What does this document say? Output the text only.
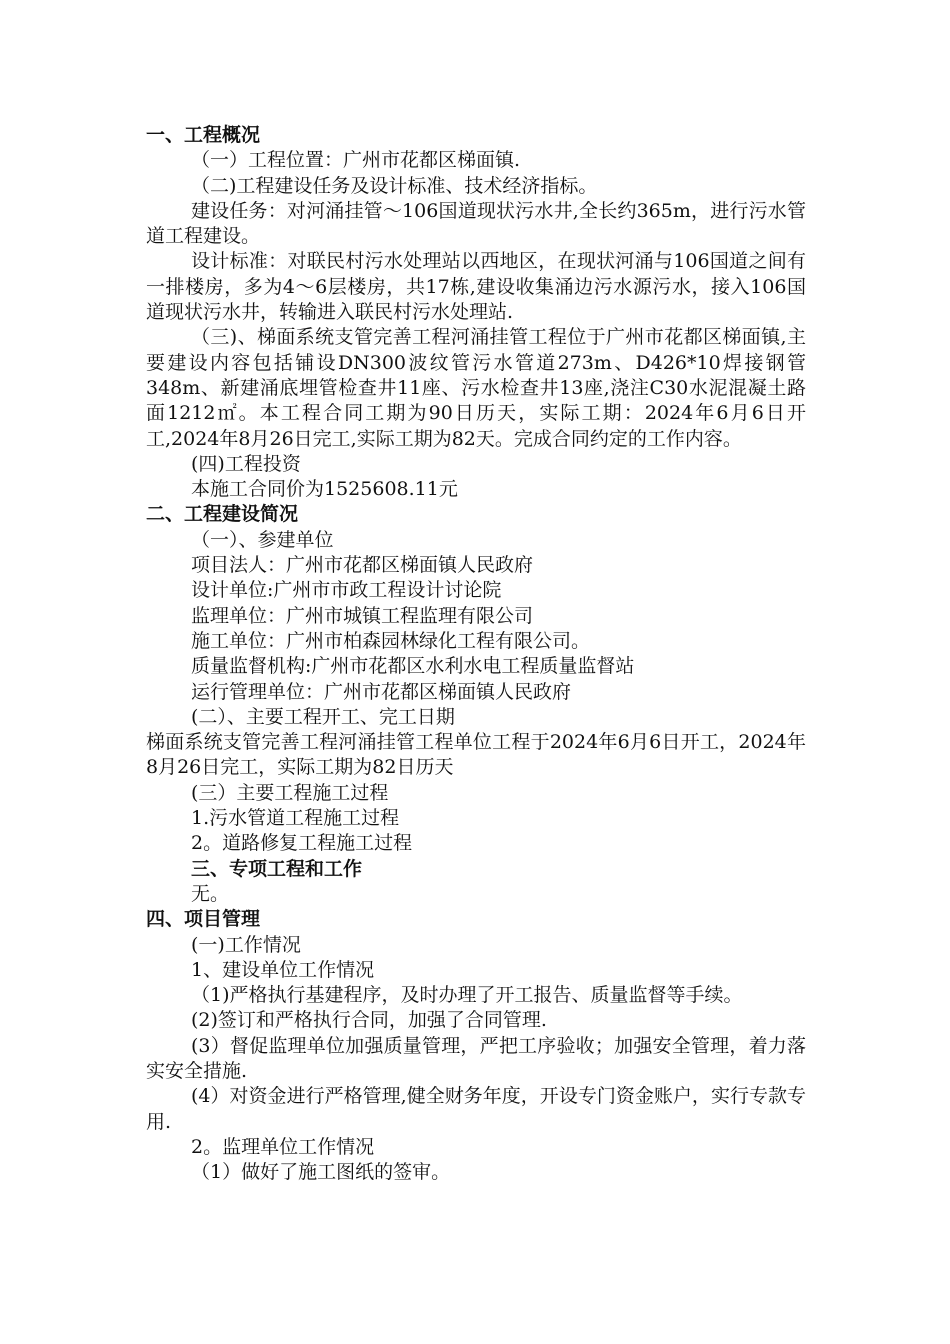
一、工程概况

（一）工程位置：广州市花都区梯面镇.

（二)工程建设任务及设计标准、技术经济指标。

建设任务：对河涌挂管～106国道现状污水井,全长约365m，进行污水管道工程建设。

设计标准：对联民村污水处理站以西地区，在现状河涌与106国道之间有一排楼房，多为4～6层楼房，共17栋,建设收集涌边污水源污水，接入106国道现状污水井，转输进入联民村污水处理站.

（三)、梯面系统支管完善工程河涌挂管工程位于广州市花都区梯面镇,主要建设内容包括铺设DN300波纹管污水管道273m、D426*10焊接钢管348m、新建涌底埋管检查井11座、污水检查井13座,浇注C30水泥混凝土路面1212㎡。本工程合同工期为90日历天，实际工期：2024年6月6日开工,2024年8月26日完工,实际工期为82天。完成合同约定的工作内容。

(四)工程投资

本施工合同价为1525608.11元

二、工程建设简况

（一）、参建单位

项目法人：广州市花都区梯面镇人民政府

设计单位:广州市市政工程设计讨论院

监理单位：广州市城镇工程监理有限公司

施工单位：广州市柏森园林绿化工程有限公司。

质量监督机构:广州市花都区水利水电工程质量监督站

运行管理单位：广州市花都区梯面镇人民政府

(二）、主要工程开工、完工日期

梯面系统支管完善工程河涌挂管工程单位工程于2024年6月6日开工，2024年 8月26日完工，实际工期为82日历天

(三）主要工程施工过程

1.污水管道工程施工过程

2。道路修复工程施工过程

三、专项工程和工作

无。

四、项目管理

(一)工作情况

1、建设单位工作情况

（1)严格执行基建程序，及时办理了开工报告、质量监督等手续。

(2)签订和严格执行合同，加强了合同管理.

(3）督促监理单位加强质量管理，严把工序验收；加强安全管理，着力落实安全措施.

(4）对资金进行严格管理,健全财务年度，开设专门资金账户，实行专款专用.

2。监理单位工作情况

（1）做好了施工图纸的签审。
